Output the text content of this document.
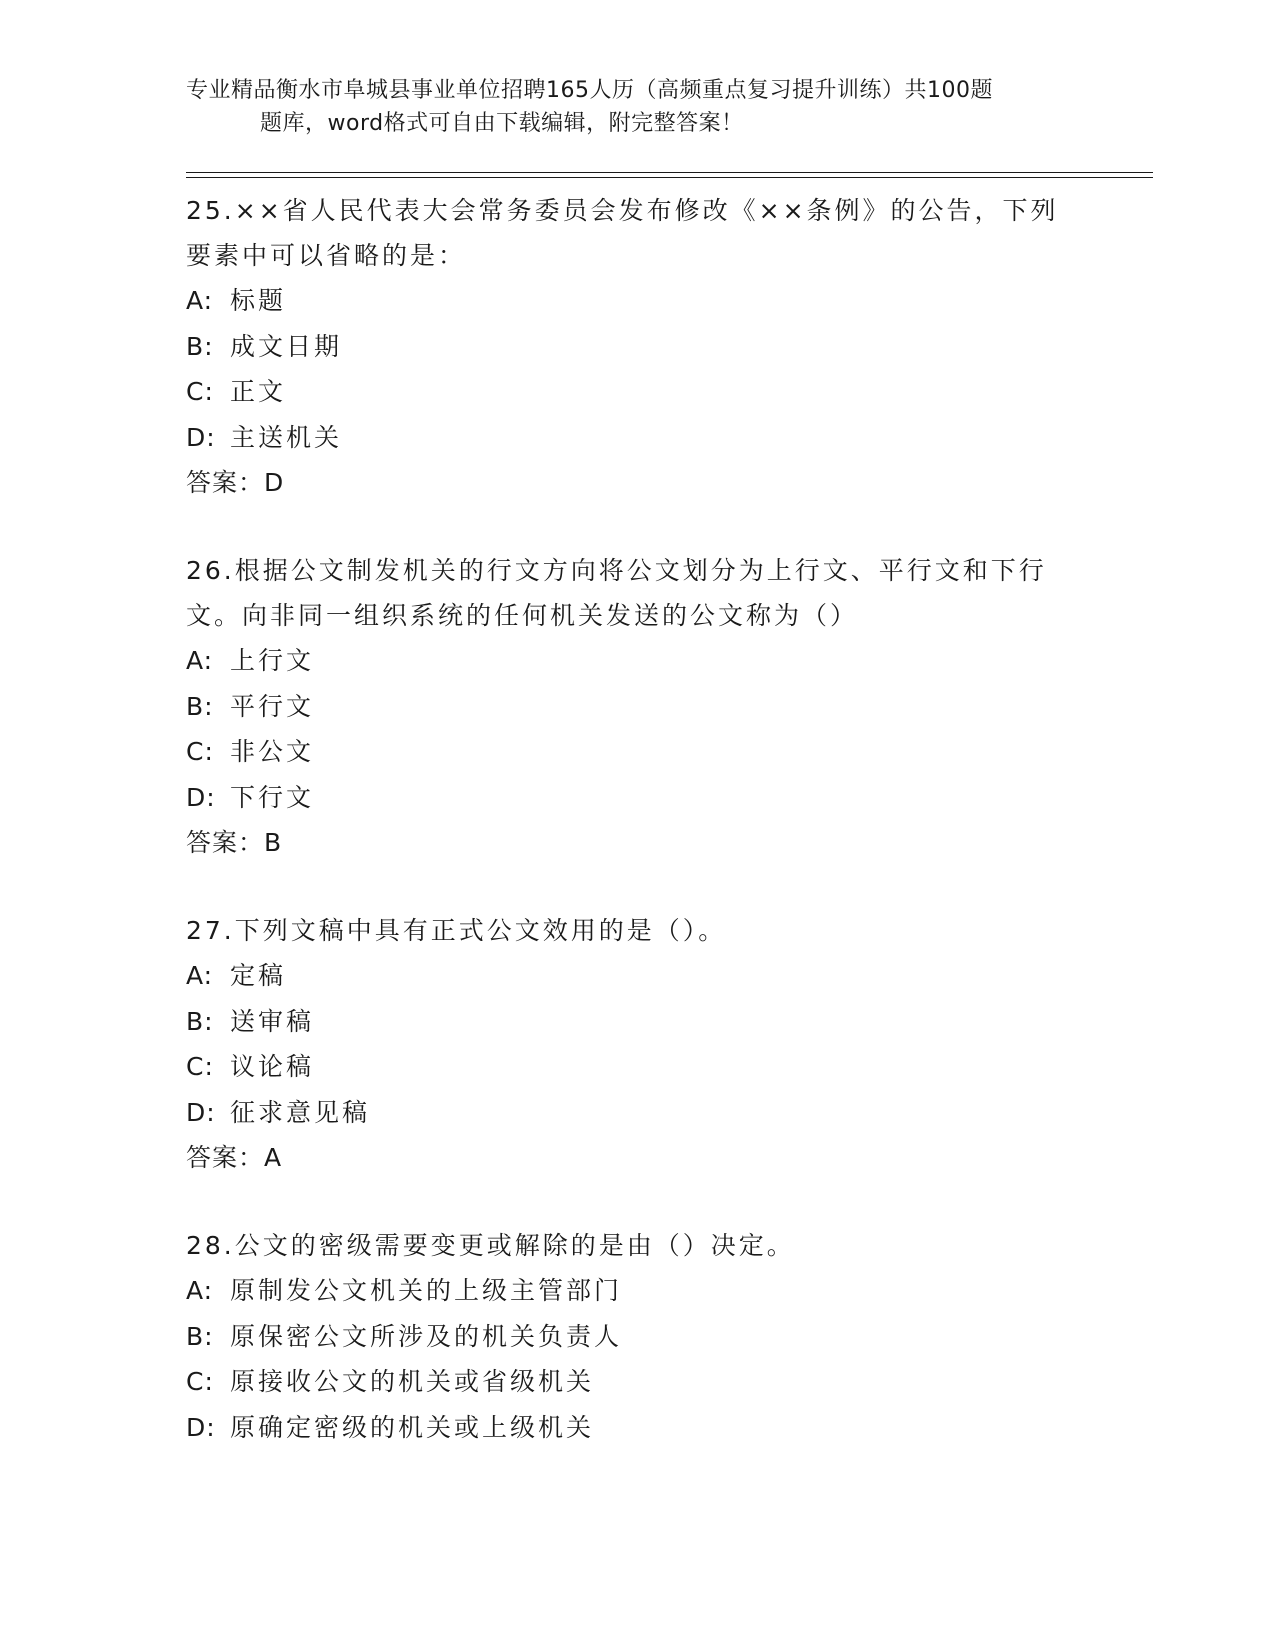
专业精品衡水市阜城县事业单位招聘165人历（高频重点复习提升训练）共100题
题库，word格式可自由下载编辑，附完整答案！
25.××省人民代表大会常务委员会发布修改《××条例》的公告，下列要素中可以省略的是：
A: 标题
B: 成文日期
C: 正文
D: 主送机关
答案：D
26.根据公文制发机关的行文方向将公文划分为上行文、平行文和下行文。向非同一组织系统的任何机关发送的公文称为（）
A: 上行文
B: 平行文
C: 非公文
D: 下行文
答案：B
27.下列文稿中具有正式公文效用的是（）。
A: 定稿
B: 送审稿
C: 议论稿
D: 征求意见稿
答案：A
28.公文的密级需要变更或解除的是由（）决定。
A: 原制发公文机关的上级主管部门
B: 原保密公文所涉及的机关负责人
C: 原接收公文的机关或省级机关
D: 原确定密级的机关或上级机关
